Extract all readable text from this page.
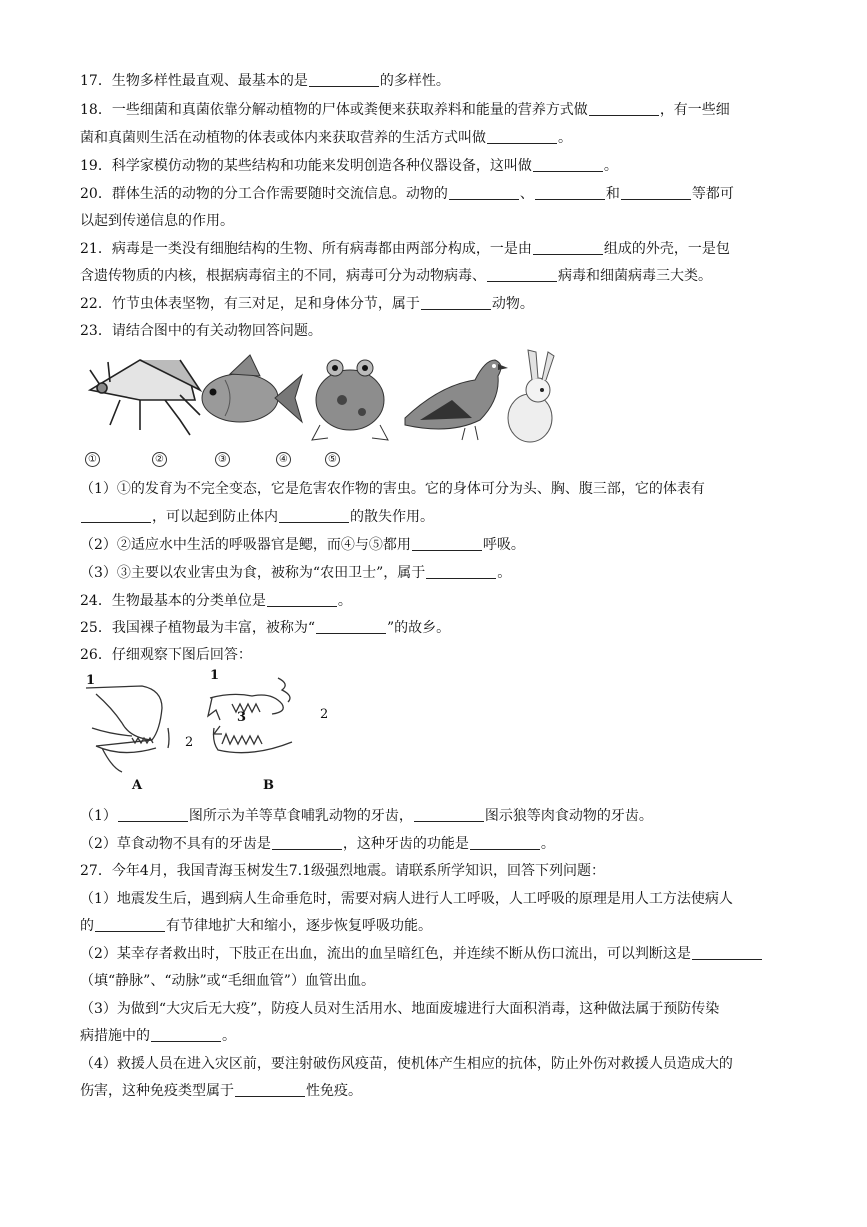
17．生物多样性最直观、最基本的是	的多样性。
18．一些细菌和真菌依靠分解动植物的尸体或粪便来获取养料和能量的营养方式做	，有一些细
菌和真菌则生活在动植物的体表或体内来获取营养的生活方式叫做	。
19．科学家模仿动物的某些结构和功能来发明创造各种仪器设备，这叫做	。
20．群体生活的动物的分工合作需要随时交流信息。动物的	、	和	等都可
以起到传递信息的作用。
21．病毒是一类没有细胞结构的生物、所有病毒都由两部分构成，一是由	组成的外壳，一是包
含遗传物质的内核，根据病毒宿主的不同，病毒可分为动物病毒、	病毒和细菌病毒三大类。
22．竹节虫体表坚物，有三对足，足和身体分节，属于	动物。
23．请结合图中的有关动物回答问题。
①	②	③	④	⑤
（1）①的发育为不完全变态，它是危害农作物的害虫。它的身体可分为头、胸、腹三部，它的体表有
，可以起到防止体内	的散失作用。
（2）②适应水中生活的呼吸器官是鳃，而④与⑤都用	呼吸。
（3）③主要以农业害虫为食，被称为“农田卫士”，属于	。
24．生物最基本的分类单位是	。
25．我国裸子植物最为丰富，被称为“	”的故乡。
26．仔细观察下图后回答：
1
2
A
1
2
3
B
（1）	图所示为羊等草食哺乳动物的牙齿，	图示狼等肉食动物的牙齿。
（2）草食动物不具有的牙齿是	，这种牙齿的功能是	。
27．今年4月，我国青海玉树发生7.1级强烈地震。请联系所学知识，回答下列问题：
（1）地震发生后，遇到病人生命垂危时，需要对病人进行人工呼吸，人工呼吸的原理是用人工方法使病人
的	有节律地扩大和缩小，逐步恢复呼吸功能。
（2）某幸存者救出时，下肢正在出血，流出的血呈暗红色，并连续不断从伤口流出，可以判断这是
（填“静脉”、“动脉”或“毛细血管”）血管出血。
（3）为做到“大灾后无大疫”，防疫人员对生活用水、地面废墟进行大面积消毒，这种做法属于预防传染
病措施中的	。
（4）救援人员在进入灾区前，要注射破伤风疫苗，使机体产生相应的抗体，防止外伤对救援人员造成大的
伤害，这种免疫类型属于	性免疫。
